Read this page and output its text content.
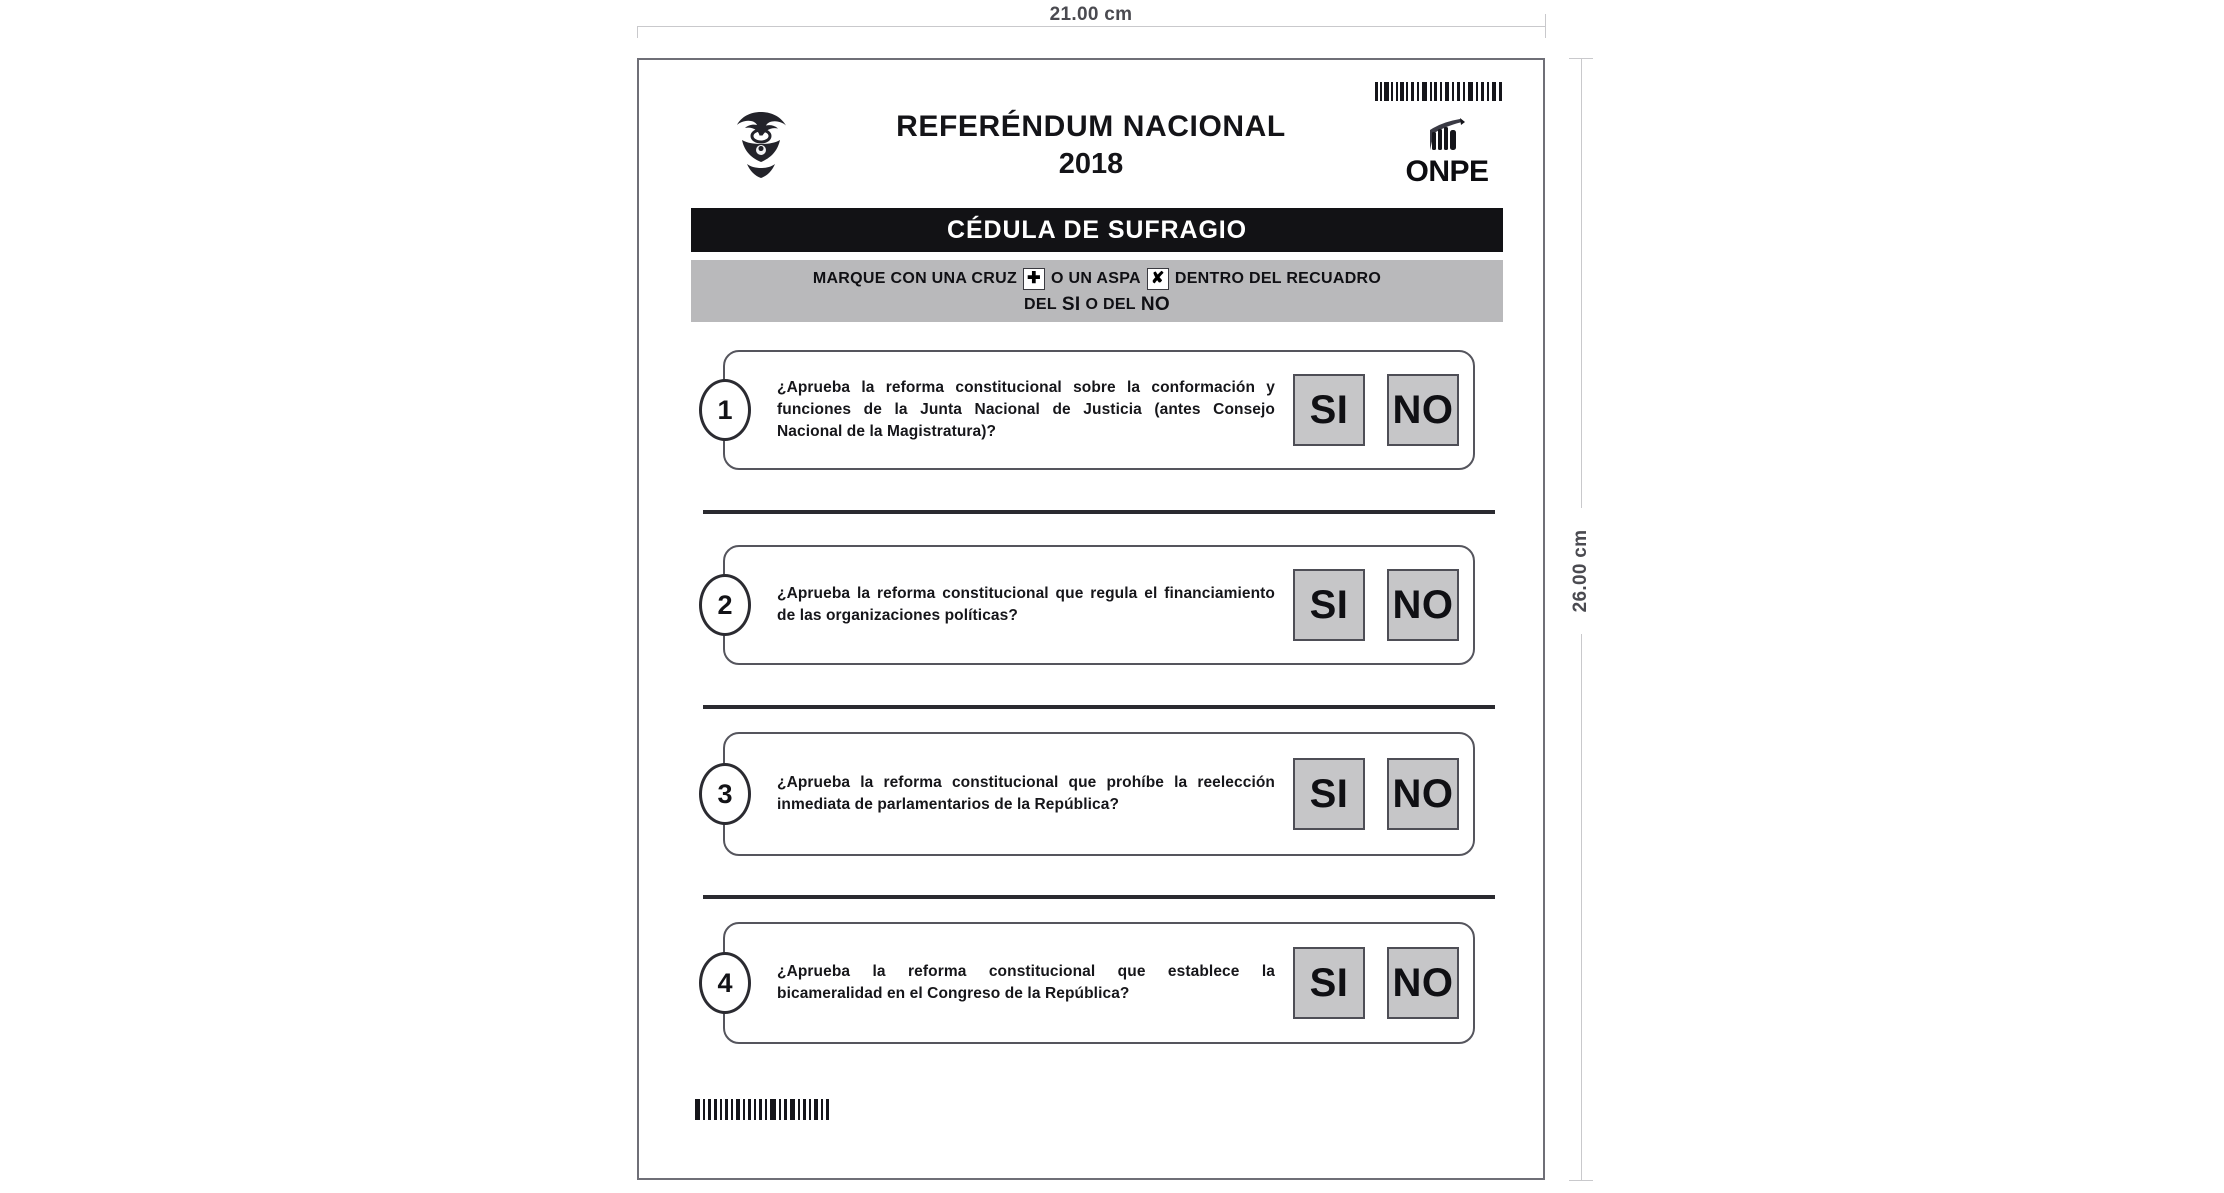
21.00 cm
26.00 cm
REFERÉNDUM NACIONAL
2018	ONPE
CÉDULA DE SUFRAGIO
MARQUE CON UNA CRUZ ✚ O UN ASPA ✘ DENTRO DEL RECUADRO
DEL SI O DEL NO
1
¿Aprueba la reforma constitucional sobre la conformación y funciones de la Junta Nacional de Justicia (antes Consejo Nacional de la Magistratura)?	SI	NO
2	¿Aprueba la reforma constitucional que regula el financiamiento de las organizaciones políticas?	SI	NO
3	¿Aprueba la reforma constitucional que prohíbe la reelección inmediata de parlamentarios de la República?	SI	NO
4	¿Aprueba la reforma constitucional que establece la bicameralidad en el Congreso de la República?	SI	NO
